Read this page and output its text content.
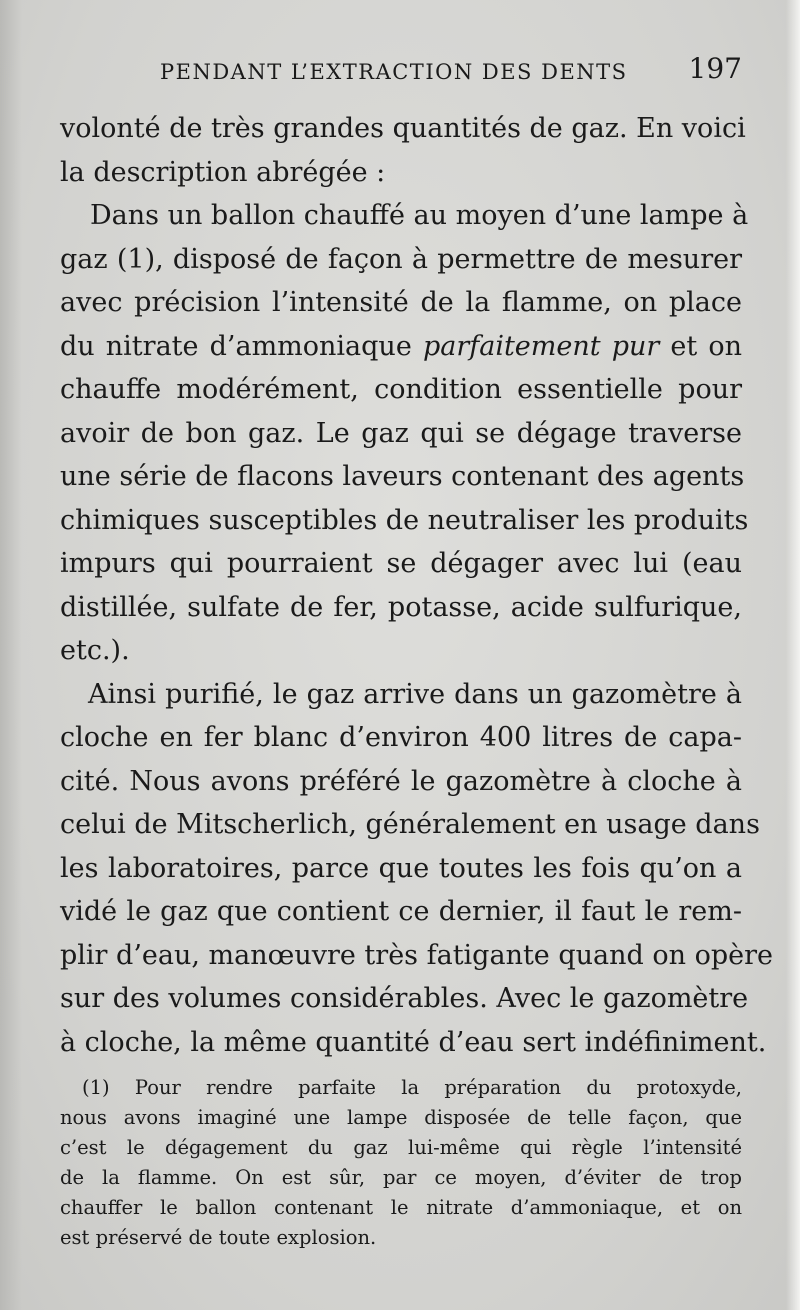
PENDANT L’EXTRACTION DES DENTS 197
volonté de très grandes quantités de gaz. En voici
la description abrégée :
Dans un ballon chauffé au moyen d’une lampe à
gaz (1), disposé de façon à permettre de mesurer
avec précision l’intensité de la flamme, on place
du nitrate d’ammoniaque parfaitement pur et on
chauffe modérément, condition essentielle pour
avoir de bon gaz. Le gaz qui se dégage traverse
une série de flacons laveurs contenant des agents
chimiques susceptibles de neutraliser les produits
impurs qui pourraient se dégager avec lui (eau
distillée, sulfate de fer, potasse, acide sulfurique,
etc.).
Ainsi purifié, le gaz arrive dans un gazomètre à
cloche en fer blanc d’environ 400 litres de capa-
cité. Nous avons préféré le gazomètre à cloche à
celui de Mitscherlich, généralement en usage dans
les laboratoires, parce que toutes les fois qu’on a
vidé le gaz que contient ce dernier, il faut le rem-
plir d’eau, manœuvre très fatigante quand on opère
sur des volumes considérables. Avec le gazomètre
à cloche, la même quantité d’eau sert indéfiniment.
(1) Pour rendre parfaite la préparation du protoxyde,
nous avons imaginé une lampe disposée de telle façon, que
c’est le dégagement du gaz lui-même qui règle l’intensité
de la flamme. On est sûr, par ce moyen, d’éviter de trop
chauffer le ballon contenant le nitrate d’ammoniaque, et on
est préservé de toute explosion.
